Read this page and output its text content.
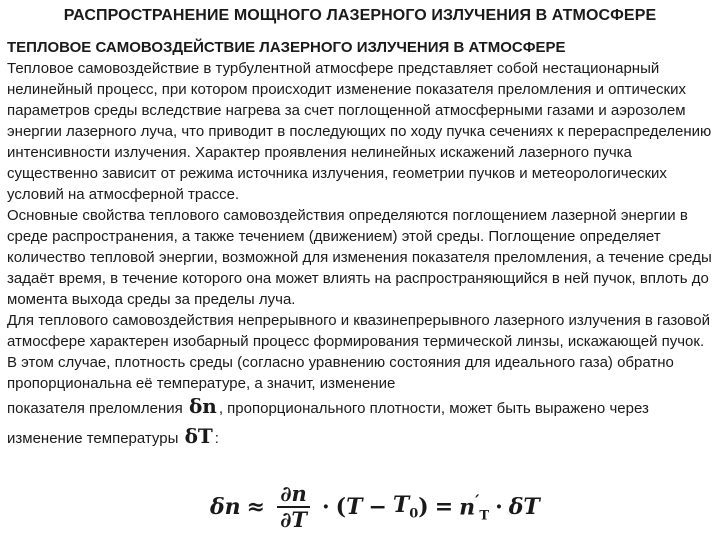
РАСПРОСТРАНЕНИЕ МОЩНОГО ЛАЗЕРНОГО ИЗЛУЧЕНИЯ В АТМОСФЕРЕ
ТЕПЛОВОЕ САМОВОЗДЕЙСТВИЕ ЛАЗЕРНОГО ИЗЛУЧЕНИЯ В АТМОСФЕРЕ

Тепловое самовоздействие в турбулентной атмосфере представляет собой нестационарный нелинейный процесс, при котором происходит изменение показателя преломления и оптических параметров среды вследствие нагрева за счет поглощенной атмосферными газами и аэрозолем энергии лазерного луча, что приводит в последующих по ходу пучка сечениях к перераспределению интенсивности излучения. Характер проявления нелинейных искажений лазерного пучка существенно зависит от режима источника излучения, геометрии пучков и метеорологических условий на атмосферной трассе.

Основные свойства теплового самовоздействия определяются поглощением лазерной энергии в среде распространения, а также течением (движением) этой среды. Поглощение определяет количество тепловой энергии, возможной для изменения показателя преломления, а течение среды задаёт время, в течение которого она может влиять на распространяющийся в ней пучок, вплоть до момента выхода среды за пределы луча.

Для теплового самовоздействия непрерывного и квазинепрерывного лазерного излучения в газовой атмосфере характерен изобарный процесс формирования термической линзы, искажающей пучок. В этом случае, плотность среды (согласно уравнению состояния для идеального газа) обратно пропорциональна её температуре, а значит, изменение

показателя преломления δn , пропорционального плотности, может быть выражено через
изменение температуры δT :
$\delta n \approx \frac{\partial n}{\partial T}$ · ( $T - T_0$ ) = $n'_T \cdot \delta T$
